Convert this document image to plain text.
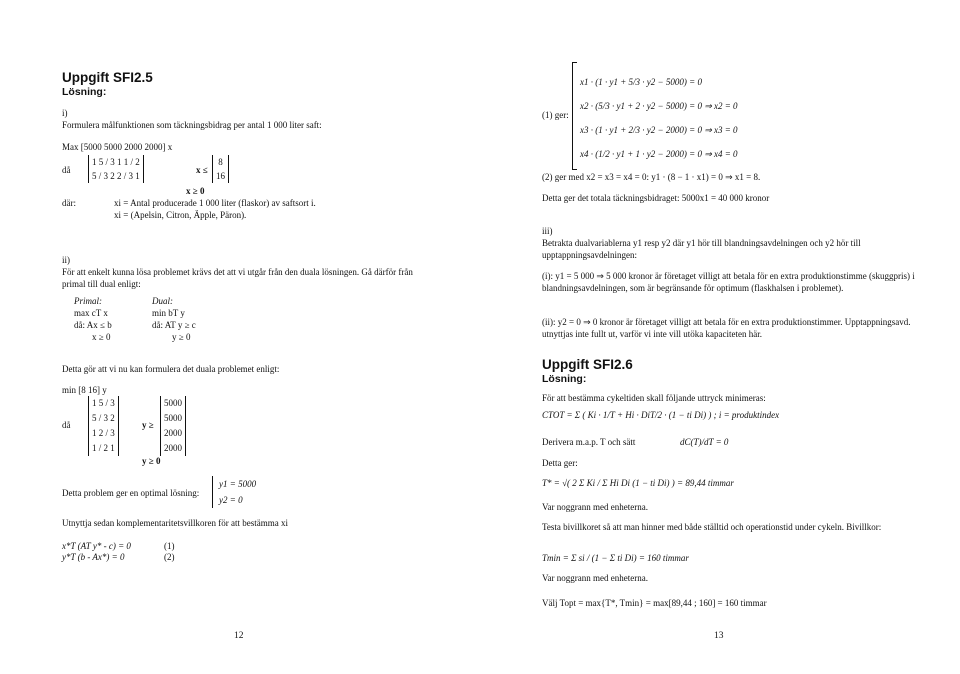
Uppgift SFI2.5
Lösning:
i)
Formulera målfunktionen som täckningsbidrag per antal 1 000 liter saft:
Max [5000 5000 2000 2000] x
då
1 5 / 3 1 1 / 2
5 / 3 2 2 / 3 1
x ≤
8
16
x ≥ 0
där:	xi = Antal producerade 1 000 liter (flaskor) av saftsort i.
xi = (Apelsin, Citron, Äpple, Päron).
ii)
För att enkelt kunna lösa problemet krävs det att vi utgår från den duala lösningen. Gå därför från primal till dual enligt:
Primal:	Dual:
max cT x	min bT y
då: Ax ≤ b	då: AT y ≥ c
x ≥ 0	y ≥ 0
Detta gör att vi nu kan formulera det duala problemet enligt:
min [8 16] y
då
1 5 / 3
5 / 3 2
1 2 / 3
1 / 2 1
y ≥
5000
5000
2000
2000
y ≥ 0
Detta problem ger en optimal lösning:
y1 = 5000
y2 = 0
Utnyttja sedan komplementaritetsvillkoren för att bestämma xi
x*T (AT y* - c) = 0	(1)
y*T (b - Ax*) = 0	(2)
12
(1) ger:
x1 · (1 · y1 + 5/3 · y2 − 5000) = 0
x2 · (5/3 · y1 + 2 · y2 − 5000) = 0 ⇒ x2 = 0
x3 · (1 · y1 + 2/3 · y2 − 2000) = 0 ⇒ x3 = 0
x4 · (1/2 · y1 + 1 · y2 − 2000) = 0 ⇒ x4 = 0
(2) ger med x2 = x3 = x4 = 0: y1 · (8 − 1 · x1) = 0 ⇒ x1 = 8.
Detta ger det totala täckningsbidraget: 5000x1 = 40 000 kronor
iii)
Betrakta dualvariablerna y1 resp y2 där y1 hör till blandningsavdelningen och y2 hör till upptappningsavdelningen:
(i): y1 = 5 000 ⇒ 5 000 kronor är företaget villigt att betala för en extra produktionstimme (skuggpris) i blandningsavdelningen, som är begränsande för optimum (flaskhalsen i problemet).
(ii): y2 = 0 ⇒ 0 kronor är företaget villigt att betala för en extra produktionstimmer. Upptappningsavd. utnyttjas inte fullt ut, varför vi inte vill utöka kapaciteten här.
Uppgift SFI2.6
Lösning:
För att bestämma cykeltiden skall följande uttryck minimeras:
CTOT = Σ ( Ki · 1/T + Hi · DiT/2 · (1 − ti Di) ) ; i = produktindex
Derivera m.a.p. T och sätt	dC(T)/dT = 0
Detta ger:
T* = √( 2 Σ Ki / Σ Hi Di (1 − ti Di) ) = 89,44 timmar
Var noggrann med enheterna.
Testa bivillkoret så att man hinner med både ställtid och operationstid under cykeln. Bivillkor:
Tmin = Σ si / (1 − Σ ti Di) = 160 timmar
Var noggrann med enheterna.
Välj Topt = max{T*, Tmin} = max[89,44 ; 160] = 160 timmar
13
